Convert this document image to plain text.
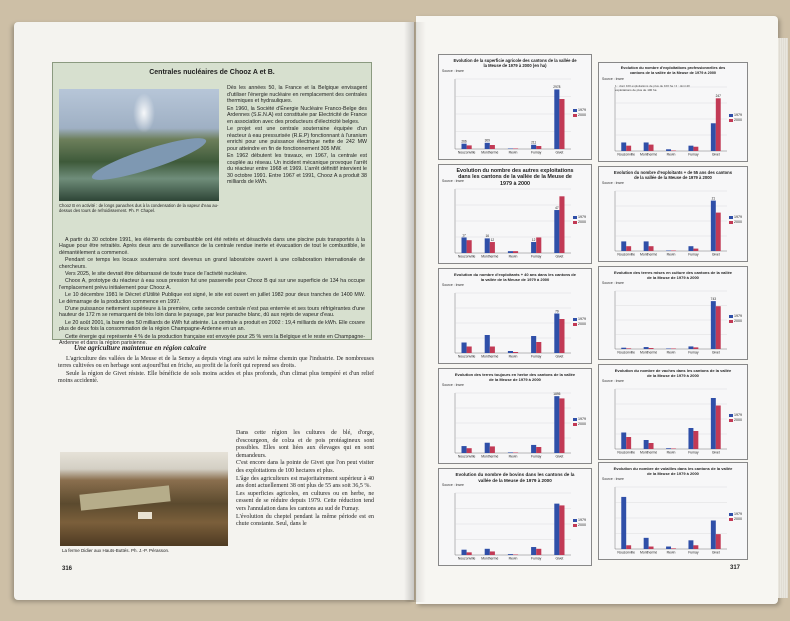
Centrales nucléaires de Chooz A et B.
Chooz B en activité : de longs panaches dus à la condensation de la vapeur d'eau au-dessus des tours de refroidissement. Ph. P. Chapel.

Dès les années 50, la France et la Belgique envisagent d'utiliser l'énergie nucléaire en remplacement des centrales thermiques et hydrauliques.

En 1960, la Société d'Énergie Nucléaire Franco-Belge des Ardennes (S.E.N.A) est constituée par Electricité de France en association avec des producteurs d'électricité belges.

Le projet est une centrale souterraine équipée d'un réacteur à eau pressurisée (R.E.P) fonctionnant à l'uranium enrichi pour une puissance électrique nette de 242 MW pour atteindre en fin de fonctionnement 305 MW.

En 1962 débutent les travaux, en 1967, la centrale est couplée au réseau. Un incident mécanique provoque l'arrêt du réacteur entre 1968 et 1969. L'arrêt définitif intervient le 30 octobre 1991. Entre 1967 et 1991, Chooz A a produit 38 milliards de kWh.

A partir du 30 octobre 1991, les éléments du combustible ont été retirés et désactivés dans une piscine puis transportés à la Hague pour être retraités. Après deux ans de surveillance de la centrale rendue inerte et évacuation de tout le combustible, le démantèlement a commencé.

Pendant ce temps les locaux souterrains sont devenus un grand laboratoire ouvert à une collaboration internationale de chercheurs.

Vers 2025, le site devrait être débarrassé de toute trace de l'activité nucléaire.

Choox A, prototype du réacteur à eau sous pression fut une passerelle pour Chooz B qui sur une superficie de 134 ha occupe l'emplacement prévu initialement pour Chooz A.

Le 10 décembre 1981 le Décret d'Utilité Publique est signé, le site est ouvert en juillet 1982 pour deux tranches de 1400 MW. Le démarrage de la production commence en 1997.

D'une puissance nettement supérieure à la première, cette seconde centrale n'est pas enterrée et ses tours réfrigérantes d'une hauteur de 172 m se remarquent de très loin dans le paysage, par leur panache blanc, dû aux rejets de vapeur d'eau.

Le 20 août 2001, la barre des 50 milliards de kWh fut atteinte. La centrale a produit en 2002 : 19,4 milliards de kWh. Elle couvre plus de deux fois la consommation de la région Champagne-Ardenne en un an.

Cette énergie qui représente 4 % de la production française est envoyée pour 25 % vers la Belgique et le reste en Champagne-Ardenne et dans la région parisienne.

Une agriculture maintenue en région calcaire

L'agriculture des vallées de la Meuse et de la Semoy a depuis vingt ans suivi le même chemin que l'industrie. De nombreuses terres cultivées ou en herbage sont aujourd'hui en friche, au profit de la forêt qui reprend ses droits.

Seule la région de Givet résiste. Elle bénéficie de sols moins acides et plus profonds, d'un climat plus tempéré et d'un relief moins accidenté.

La ferme Didier aux Hauts-Buttés. Ph. J.-P. Pérasson.

Dans cette région les cultures de blé, d'orge, d'escourgeon, de colza et de pois protéagineux sont possibles. Elles sont liées aux élevages qui en sont demandeurs.

C'est encore dans la pointe de Givet que l'on peut visiter des exploitations de 100 hectares et plus.

L'âge des agriculteurs est majoritairement supérieur à 40 ans dont actuellement 38 ont plus de 55 ans soit 36,5 %.

Les superficies agricoles, en cultures ou en herbe, ne cessent de se réduire depuis 1979. Cette réduction tend vers l'annulation dans les cantons au sud de Fumay.

L'évolution du cheptel pendant la même période est en chute constante. Seul, dans le

316
Evolution de la superficie agricole des cantons de la vallée de la Meuse de 1979 à 2000 (en ha)
Source : Insee
Nouzonville Monthermé	Revin	Fumay	Givet
266	309	211
2978
1979
2000
Evolution du nombre d'exploitations professionnelles des cantons de la vallée de la Meuse de 1979 à 2000
Source : Insee
1 : dont 100 exploitations de plus de 100 ha / 2 : dont 40 exploitations de plus de 100 ha
Nouzonville Monthermé	Revin	Fumay	Givet
247
1979
2000
Evolution du nombre des autres exploitations dans les cantons de la vallée de la Meuse de 1979 à 2000
Source : Insee
Nouzonville Monthermé	Revin	Fumay	Givet
17	16
12
47
12
1979
2000
Evolution du nombre d'exploitants + de 55 ans des cantons de la vallée de la Meuse de 1979 à 2000
Source : Insee
Nouzonville Monthermé	Revin	Fumay	Givet
21
1979
2000
Evolution du nombre d'exploitants + 40 ans dans les cantons de la vallée de la Meuse de 1979 à 2000
Source : Insee
Nouzonville Monthermé	Revin	Fumay	Givet
79
1979
2000
Evolution des terres mises en culture des cantons de la vallée de la Meuse de 1979 à 2000
Source : Insee
Nouzonville Monthermé	Revin	Fumay	Givet
743
1979
2000
Evolution des terres toujours en herbe des cantons de la vallée de la Meuse de 1979 à 2000
Source : Insee
Nouzonville Monthermé	Revin	Fumay	Givet
1895
1979
2000
Evolution du nombre de vaches dans les cantons de la vallée de la Meuse de 1979 à 2000
Source : Insee
Nouzonville Monthermé	Revin	Fumay	Givet
1979
2000
Evolution du nombre de bovins dans les cantons de la vallée de la Meuse de 1979 à 2000
Source : Insee
Nouzonville Monthermé	Revin	Fumay	Givet
1979
2000
Evolution du nombre de volailles dans les cantons de la vallée de la Meuse de 1979 à 2000
Source : Insee
Nouzonville Monthermé	Revin	Fumay	Givet
1979
2000
317
